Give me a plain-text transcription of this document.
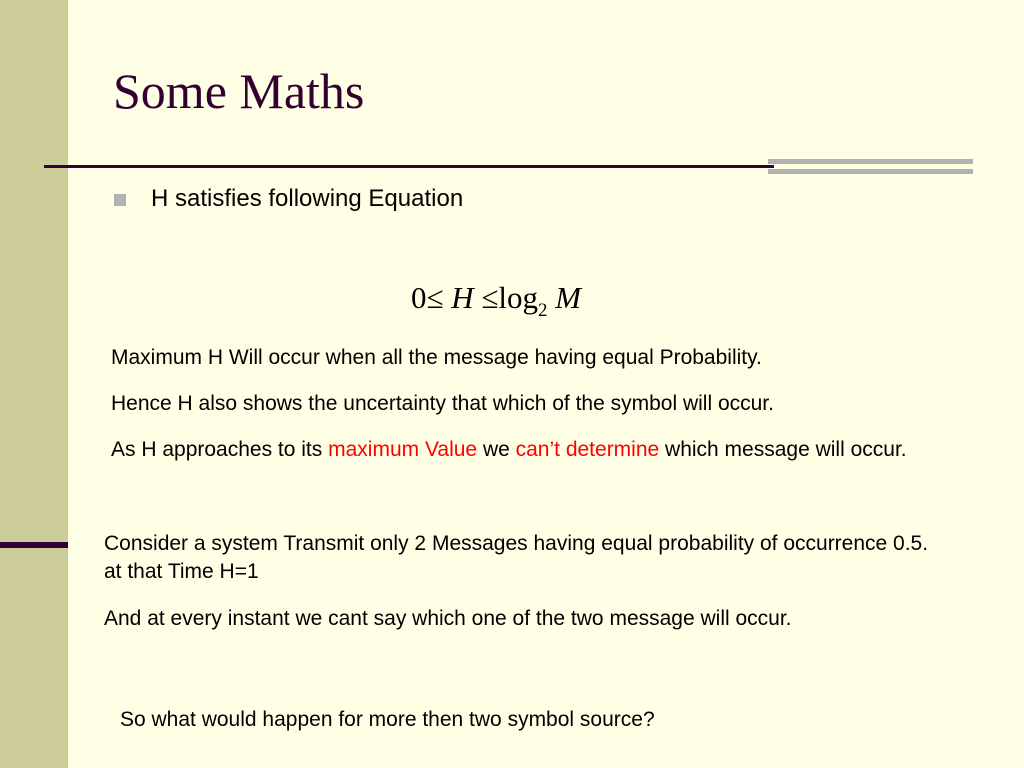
Some Maths
H satisfies following Equation
$0\le H \le\log_2$ M
Maximum H Will occur when all the message having equal Probability.
Hence H also shows the uncertainty that which of the symbol will occur.
As H approaches to its maximum Value we can’t determine which message will occur.
Consider a system Transmit only 2 Messages having equal probability of occurrence 0.5. at that Time H=1
And at every instant we cant say which one of the two message will occur.
So what would happen for more then two symbol source?
